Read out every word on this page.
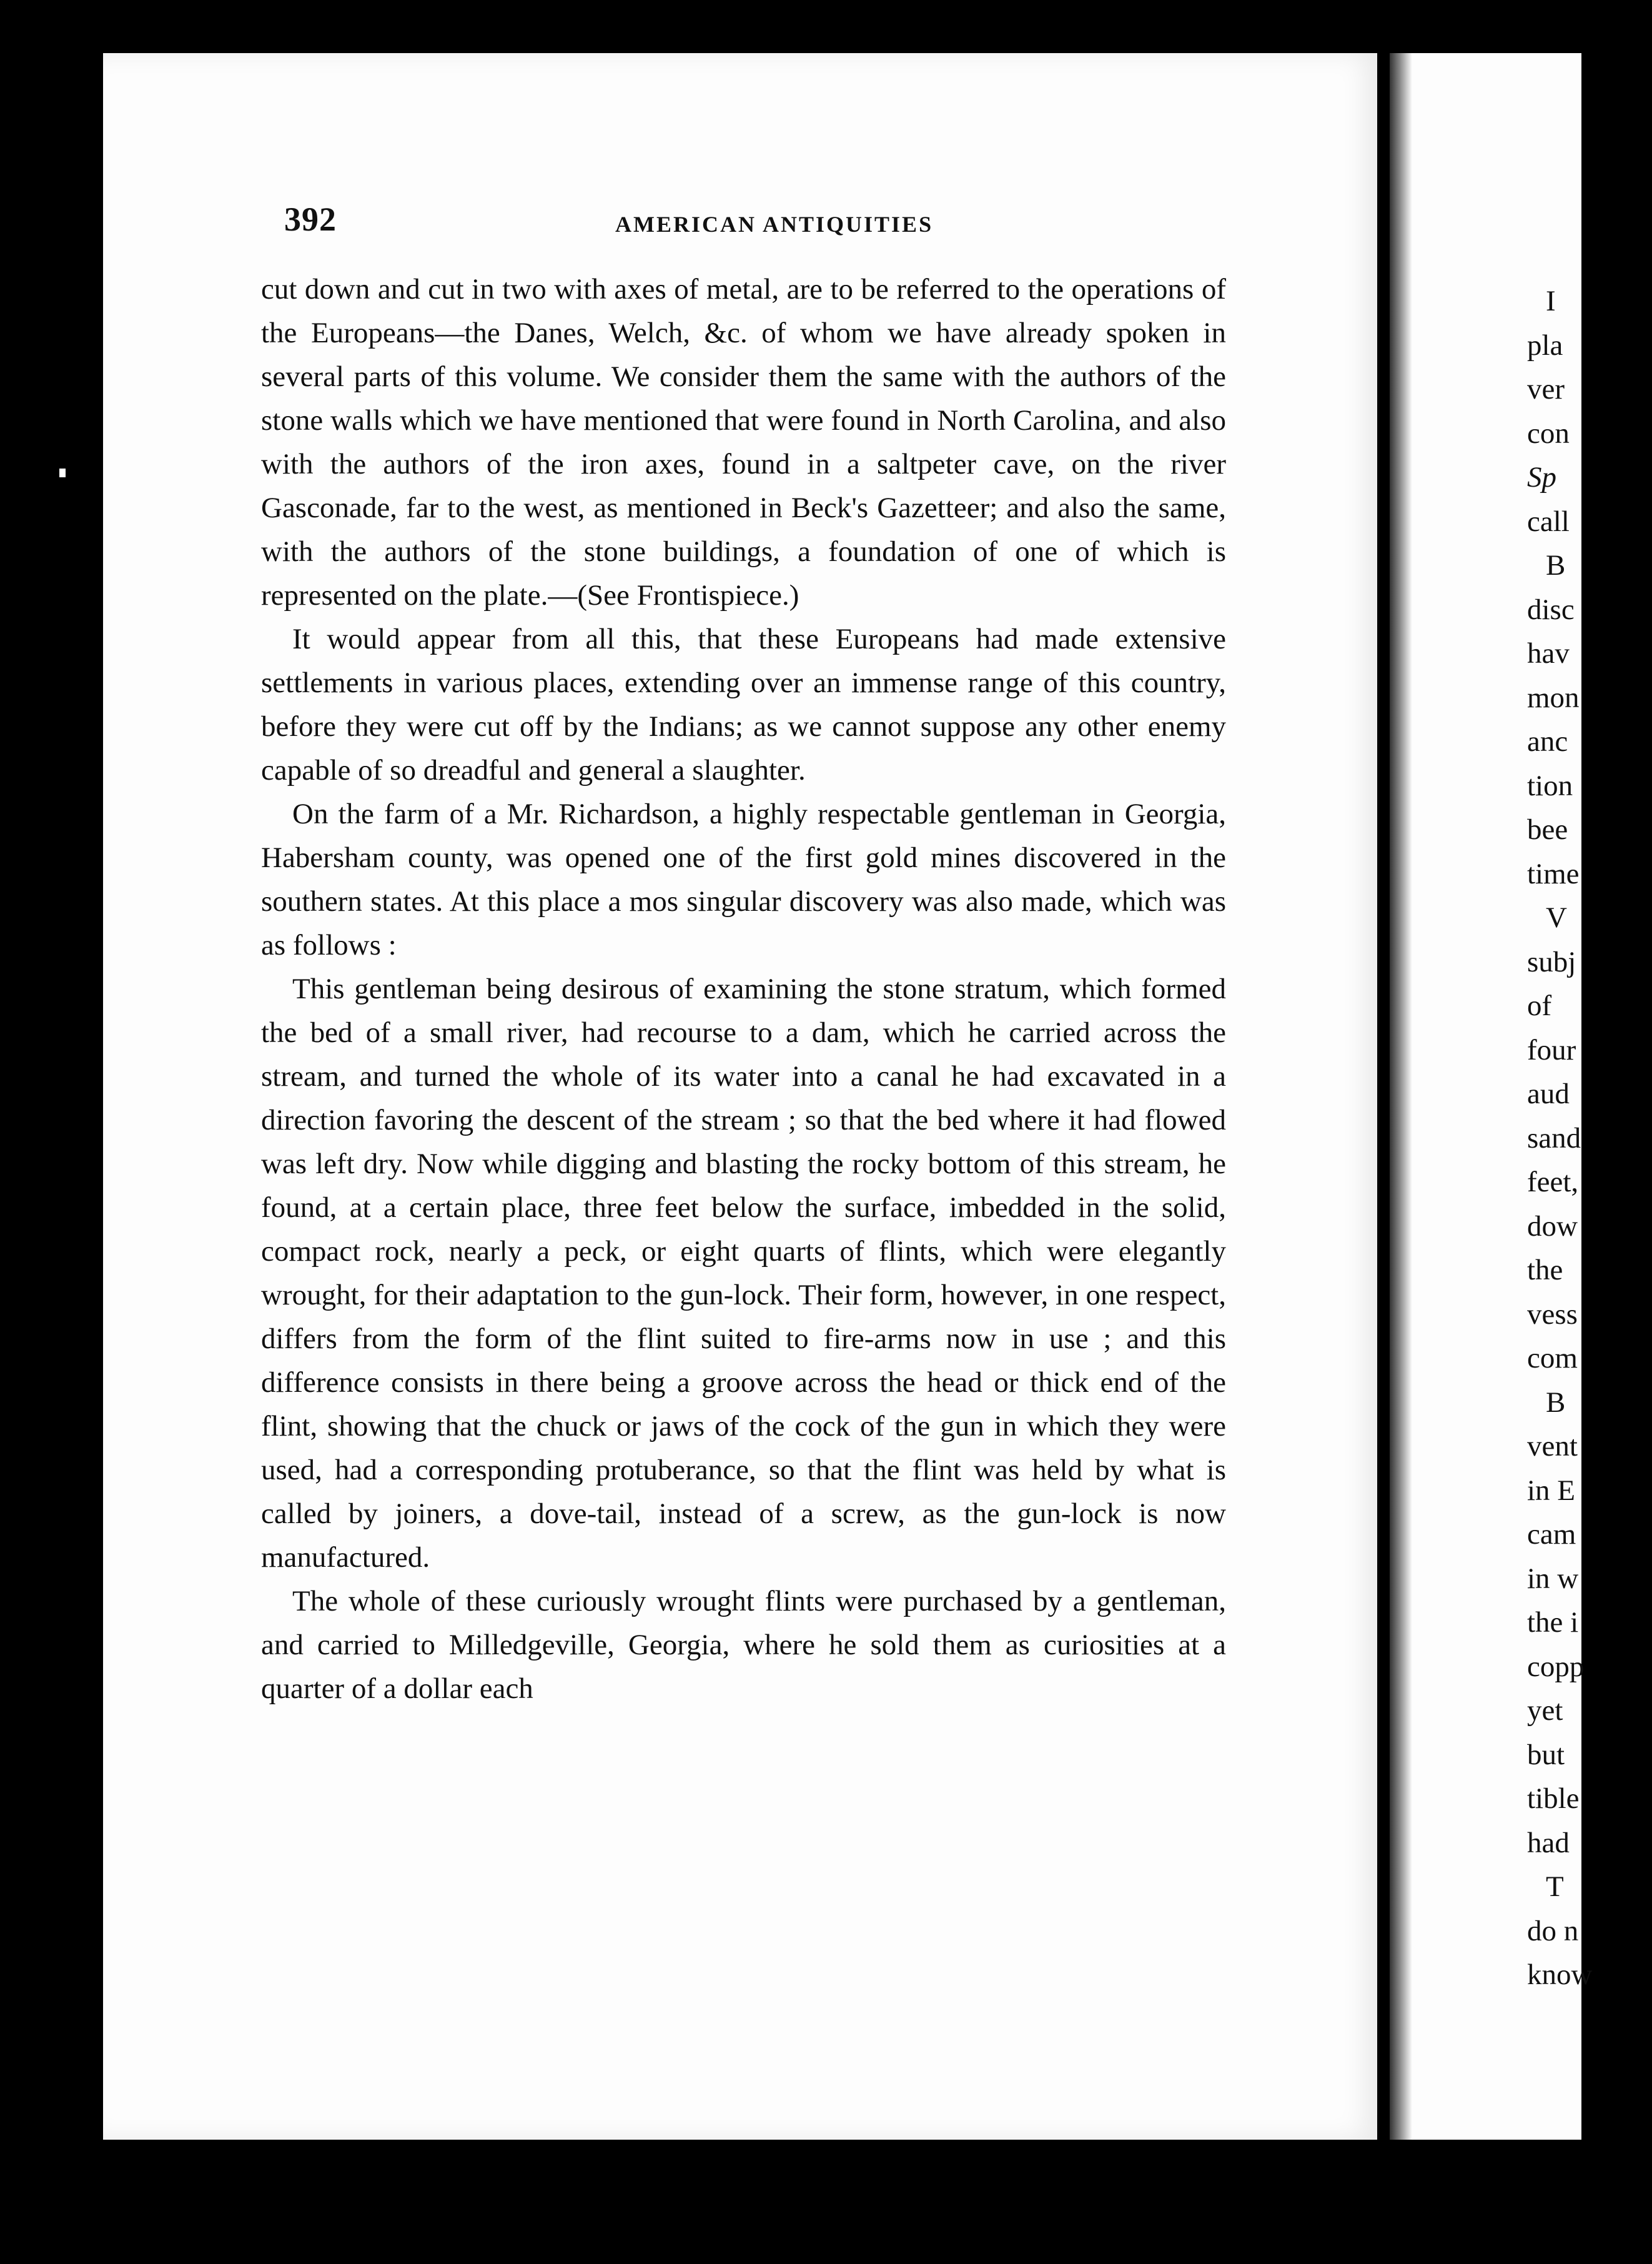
392	AMERICAN ANTIQUITIES

cut down and cut in two with axes of metal, are to be referred to the operations of the Europeans—the Danes, Welch, &c. of whom we have already spoken in several parts of this volume. We consider them the same with the authors of the stone walls which we have mentioned that were found in North Carolina, and also with the authors of the iron axes, found in a saltpeter cave, on the river Gasconade, far to the west, as mentioned in Beck's Gazetteer; and also the same, with the authors of the stone buildings, a foundation of one of which is represented on the plate.—(See Frontispiece.)

It would appear from all this, that these Europeans had made extensive settlements in various places, extending over an immense range of this country, before they were cut off by the Indians; as we cannot suppose any other enemy capable of so dreadful and general a slaughter.

On the farm of a Mr. Richardson, a highly respectable gentleman in Georgia, Habersham county, was opened one of the first gold mines discovered in the southern states. At this place a mos singular discovery was also made, which was as follows :

This gentleman being desirous of examining the stone stratum, which formed the bed of a small river, had recourse to a dam, which he carried across the stream, and turned the whole of its water into a canal he had excavated in a direction favoring the descent of the stream ; so that the bed where it had flowed was left dry. Now while digging and blasting the rocky bottom of this stream, he found, at a certain place, three feet below the surface, imbedded in the solid, compact rock, nearly a peck, or eight quarts of flints, which were elegantly wrought, for their adaptation to the gun-lock. Their form, however, in one respect, differs from the form of the flint suited to fire-arms now in use ; and this difference consists in there being a groove across the head or thick end of the flint, showing that the chuck or jaws of the cock of the gun in which they were used, had a corresponding protuberance, so that the flint was held by what is called by joiners, a dove-tail, instead of a screw, as the gun-lock is now manufactured.

The whole of these curiously wrought flints were purchased by a gentleman, and carried to Milledgeville, Georgia, where he sold them as curiosities at a quarter of a dollar each

I
pla
ver
con
Sp
call
B
disc
hav
mon
anc
tion
bee
time
V
subj
of
four
aud
sand
feet,
dow
the
vess
com
B
vent
in E
cam
in w
the i
copp
yet
but
tible
had
T
do n
know
